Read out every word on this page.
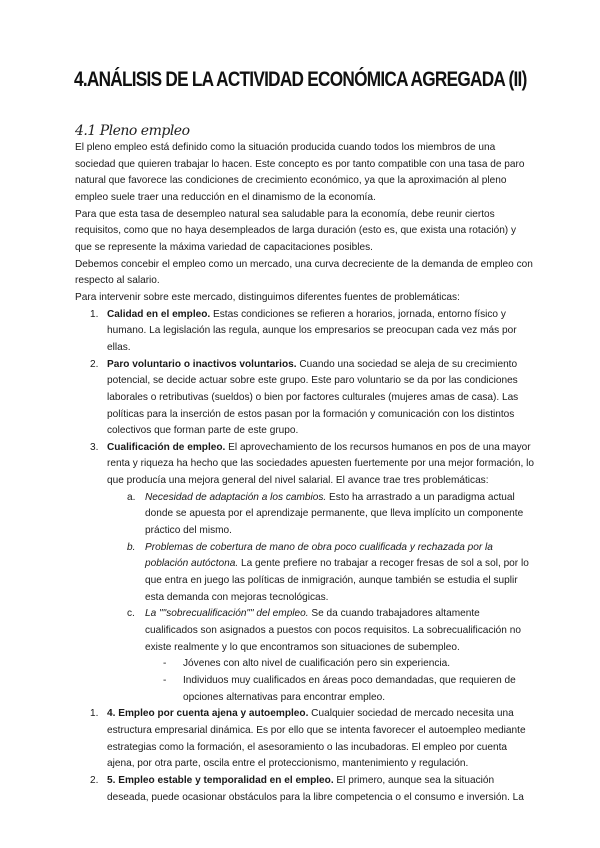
4.ANÁLISIS DE LA ACTIVIDAD ECONÓMICA AGREGADA (II)
4.1 Pleno empleo

El pleno empleo está definido como la situación producida cuando todos los miembros de una sociedad que quieren trabajar lo hacen. Este concepto es por tanto compatible con una tasa de paro natural que favorece las condiciones de crecimiento económico, ya que la aproximación al pleno empleo suele traer una reducción en el dinamismo de la economía.

Para que esta tasa de desempleo natural sea saludable para la economía, debe reunir ciertos requisitos, como que no haya desempleados de larga duración (esto es, que exista una rotación) y que se represente la máxima variedad de capacitaciones posibles.

Debemos concebir el empleo como un mercado, una curva decreciente de la demanda de empleo con respecto al salario.

Para intervenir sobre este mercado, distinguimos diferentes fuentes de problemáticas:

1. Calidad en el empleo. Estas condiciones se refieren a horarios, jornada, entorno físico y humano. La legislación las regula, aunque los empresarios se preocupan cada vez más por ellas.
2. Paro voluntario o inactivos voluntarios. Cuando una sociedad se aleja de su crecimiento potencial, se decide actuar sobre este grupo. Este paro voluntario se da por las condiciones laborales o retributivas (sueldos) o bien por factores culturales (mujeres amas de casa). Las políticas para la inserción de estos pasan por la formación y comunicación con los distintos colectivos que forman parte de este grupo.
3. Cualificación de empleo. El aprovechamiento de los recursos humanos en pos de una mayor renta y riqueza ha hecho que las sociedades apuesten fuertemente por una mejor formación, lo que producía una mejora general del nivel salarial. El avance trae tres problemáticas:
a. Necesidad de adaptación a los cambios. Esto ha arrastrado a un paradigma actual donde se apuesta por el aprendizaje permanente, que lleva implícito un componente práctico del mismo.
b. Problemas de cobertura de mano de obra poco cualificada y rechazada por la población autóctona. La gente prefiere no trabajar a recoger fresas de sol a sol, por lo que entra en juego las políticas de inmigración, aunque también se estudia el suplir esta demanda con mejoras tecnológicas.
c. La ""sobrecualificación"" del empleo. Se da cuando trabajadores altamente cualificados son asignados a puestos con pocos requisitos. La sobrecualificación no existe realmente y lo que encontramos son situaciones de subempleo.
- Jóvenes con alto nivel de cualificación pero sin experiencia.
- Individuos muy cualificados en áreas poco demandadas, que requieren de opciones alternativas para encontrar empleo.
1. 4. Empleo por cuenta ajena y autoempleo. Cualquier sociedad de mercado necesita una estructura empresarial dinámica. Es por ello que se intenta favorecer el autoempleo mediante estrategias como la formación, el asesoramiento o las incubadoras. El empleo por cuenta ajena, por otra parte, oscila entre el proteccionismo, mantenimiento y regulación.
2. 5. Empleo estable y temporalidad en el empleo. El primero, aunque sea la situación deseada, puede ocasionar obstáculos para la libre competencia o el consumo e inversión. La
